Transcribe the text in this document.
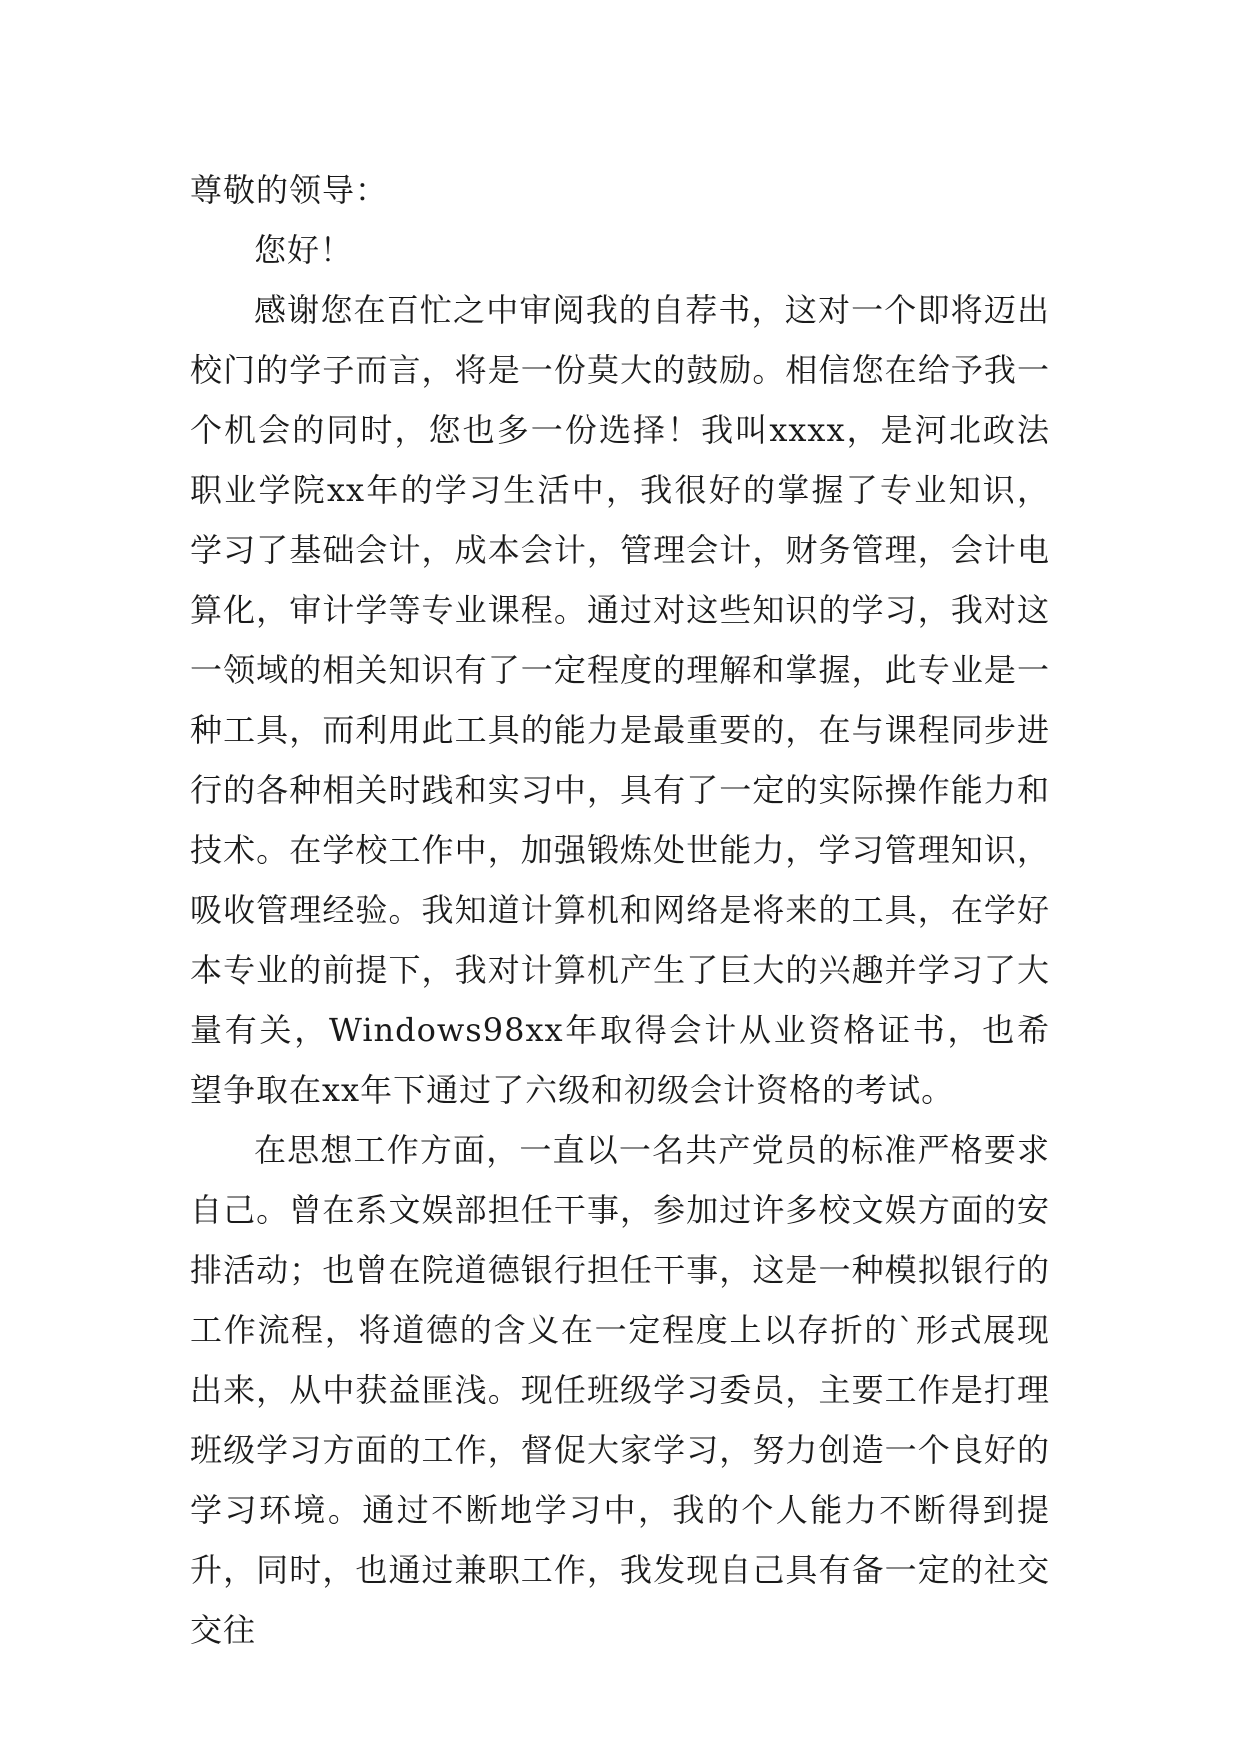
尊敬的领导：

您好！

感谢您在百忙之中审阅我的自荐书，这对一个即将迈出校门的学子而言，将是一份莫大的鼓励。相信您在给予我一个机会的同时，您也多一份选择！我叫xxxx，是河北政法职业学院xx年的学习生活中，我很好的掌握了专业知识，学习了基础会计，成本会计，管理会计，财务管理，会计电算化，审计学等专业课程。通过对这些知识的学习，我对这一领域的相关知识有了一定程度的理解和掌握，此专业是一种工具，而利用此工具的能力是最重要的，在与课程同步进行的各种相关时践和实习中，具有了一定的实际操作能力和技术。在学校工作中，加强锻炼处世能力，学习管理知识，吸收管理经验。我知道计算机和网络是将来的工具，在学好本专业的前提下，我对计算机产生了巨大的兴趣并学习了大量有关，Windows98xx年取得会计从业资格证书，也希望争取在xx年下通过了六级和初级会计资格的考试。

在思想工作方面，一直以一名共产党员的标准严格要求自己。曾在系文娱部担任干事，参加过许多校文娱方面的安排活动；也曾在院道德银行担任干事，这是一种模拟银行的工作流程，将道德的含义在一定程度上以存折的`形式展现出来，从中获益匪浅。现任班级学习委员，主要工作是打理班级学习方面的工作，督促大家学习，努力创造一个良好的学习环境。通过不断地学习中，我的个人能力不断得到提升，同时，也通过兼职工作，我发现自己具有备一定的社交交往
